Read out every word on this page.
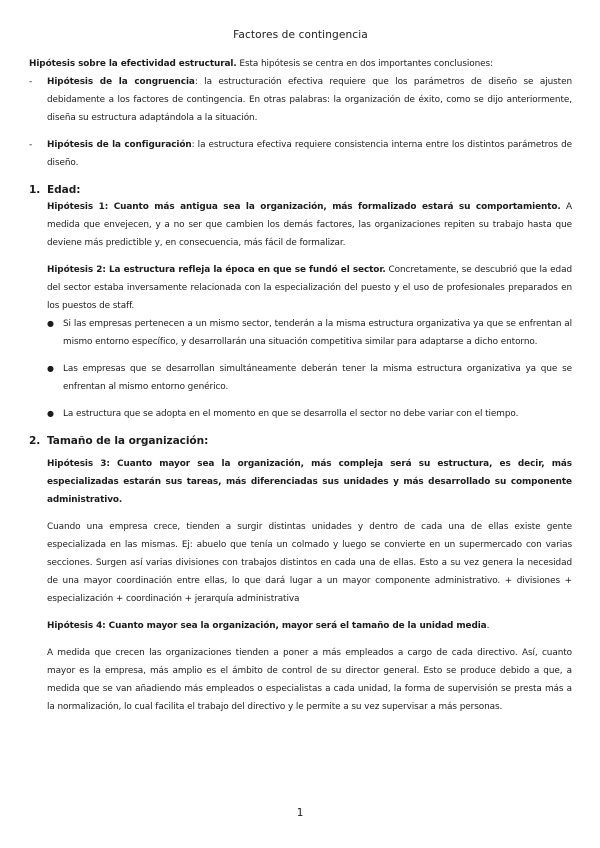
Factores de contingencia

Hipótesis sobre la efectividad estructural. Esta hipótesis se centra en dos importantes conclusiones:

-	Hipótesis de la congruencia: la estructuración efectiva requiere que los parámetros de diseño se ajusten debidamente a los factores de contingencia. En otras palabras: la organización de éxito, como se dijo anteriormente, diseña su estructura adaptándola a la situación.
-	Hipótesis de la configuración: la estructura efectiva requiere consistencia interna entre los distintos parámetros de diseño.
1. Edad:

Hipótesis 1: Cuanto más antigua sea la organización, más formalizado estará su comportamiento. A medida que envejecen, y a no ser que cambien los demás factores, las organizaciones repiten su trabajo hasta que deviene más predictible y, en consecuencia, más fácil de formalizar.

Hipótesis 2: La estructura refleja la época en que se fundó el sector. Concretamente, se descubrió que la edad del sector estaba inversamente relacionada con la especialización del puesto y el uso de profesionales preparados en los puestos de staff.

●	Si las empresas pertenecen a un mismo sector, tenderán a la misma estructura organizativa ya que se enfrentan al mismo entorno específico, y desarrollarán una situación competitiva similar para adaptarse a dicho entorno.
●	Las empresas que se desarrollan simultáneamente deberán tener la misma estructura organizativa ya que se enfrentan al mismo entorno genérico.
●	La estructura que se adopta en el momento en que se desarrolla el sector no debe variar con el tiempo.
2. Tamaño de la organización:

Hipótesis 3: Cuanto mayor sea la organización, más compleja será su estructura, es decir, más especializadas estarán sus tareas, más diferenciadas sus unidades y más desarrollado su componente administrativo.

Cuando una empresa crece, tienden a surgir distintas unidades y dentro de cada una de ellas existe gente especializada en las mismas. Ej: abuelo que tenía un colmado y luego se convierte en un supermercado con varias secciones. Surgen así varias divisiones con trabajos distintos en cada una de ellas. Esto a su vez genera la necesidad de una mayor coordinación entre ellas, lo que dará lugar a un mayor componente administrativo. + divisiones + especialización + coordinación + jerarquía administrativa

Hipótesis 4: Cuanto mayor sea la organización, mayor será el tamaño de la unidad media.

A medida que crecen las organizaciones tienden a poner a más empleados a cargo de cada directivo. Así, cuanto mayor es la empresa, más amplio es el ámbito de control de su director general. Esto se produce debido a que, a medida que se van añadiendo más empleados o especialistas a cada unidad, la forma de supervisión se presta más a la normalización, lo cual facilita el trabajo del directivo y le permite a su vez supervisar a más personas.

1
